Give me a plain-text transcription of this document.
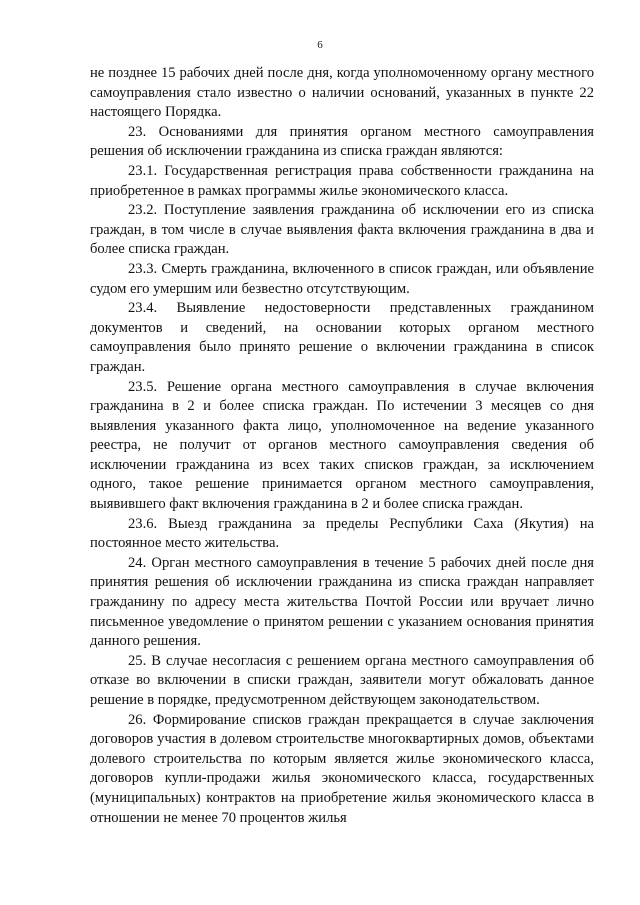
6

не позднее 15 рабочих дней после дня, когда уполномоченному органу местного самоуправления стало известно о наличии оснований, указанных в пункте 22 настоящего Порядка.

23. Основаниями для принятия органом местного самоуправления решения об исключении гражданина из списка граждан являются:

23.1. Государственная регистрация права собственности гражданина на приобретенное в рамках программы жилье экономического класса.

23.2. Поступление заявления гражданина об исключении его из списка граждан, в том числе в случае выявления факта включения гражданина в два и более списка граждан.

23.3. Смерть гражданина, включенного в список граждан, или объявление судом его умершим или безвестно отсутствующим.

23.4. Выявление недостоверности представленных гражданином документов и сведений, на основании которых органом местного самоуправления было принято решение о включении гражданина в список граждан.

23.5. Решение органа местного самоуправления в случае включения гражданина в 2 и более списка граждан. По истечении 3 месяцев со дня выявления указанного факта лицо, уполномоченное на ведение указанного реестра, не получит от органов местного самоуправления сведения об исключении гражданина из всех таких списков граждан, за исключением одного, такое решение принимается органом местного самоуправления, выявившего факт включения гражданина в 2 и более списка граждан.

23.6. Выезд гражданина за пределы Республики Саха (Якутия) на постоянное место жительства.

24. Орган местного самоуправления в течение 5 рабочих дней после дня принятия решения об исключении гражданина из списка граждан направляет гражданину по адресу места жительства Почтой России или вручает лично письменное уведомление о принятом решении с указанием основания принятия данного решения.

25. В случае несогласия с решением органа местного самоуправления об отказе во включении в списки граждан, заявители могут обжаловать данное решение в порядке, предусмотренном действующем законодательством.

26. Формирование списков граждан прекращается в случае заключения договоров участия в долевом строительстве многоквартирных домов, объектами долевого строительства по которым является жилье экономического класса, договоров купли-продажи жилья экономического класса, государственных (муниципальных) контрактов на приобретение жилья экономического класса в отношении не менее 70 процентов жилья
